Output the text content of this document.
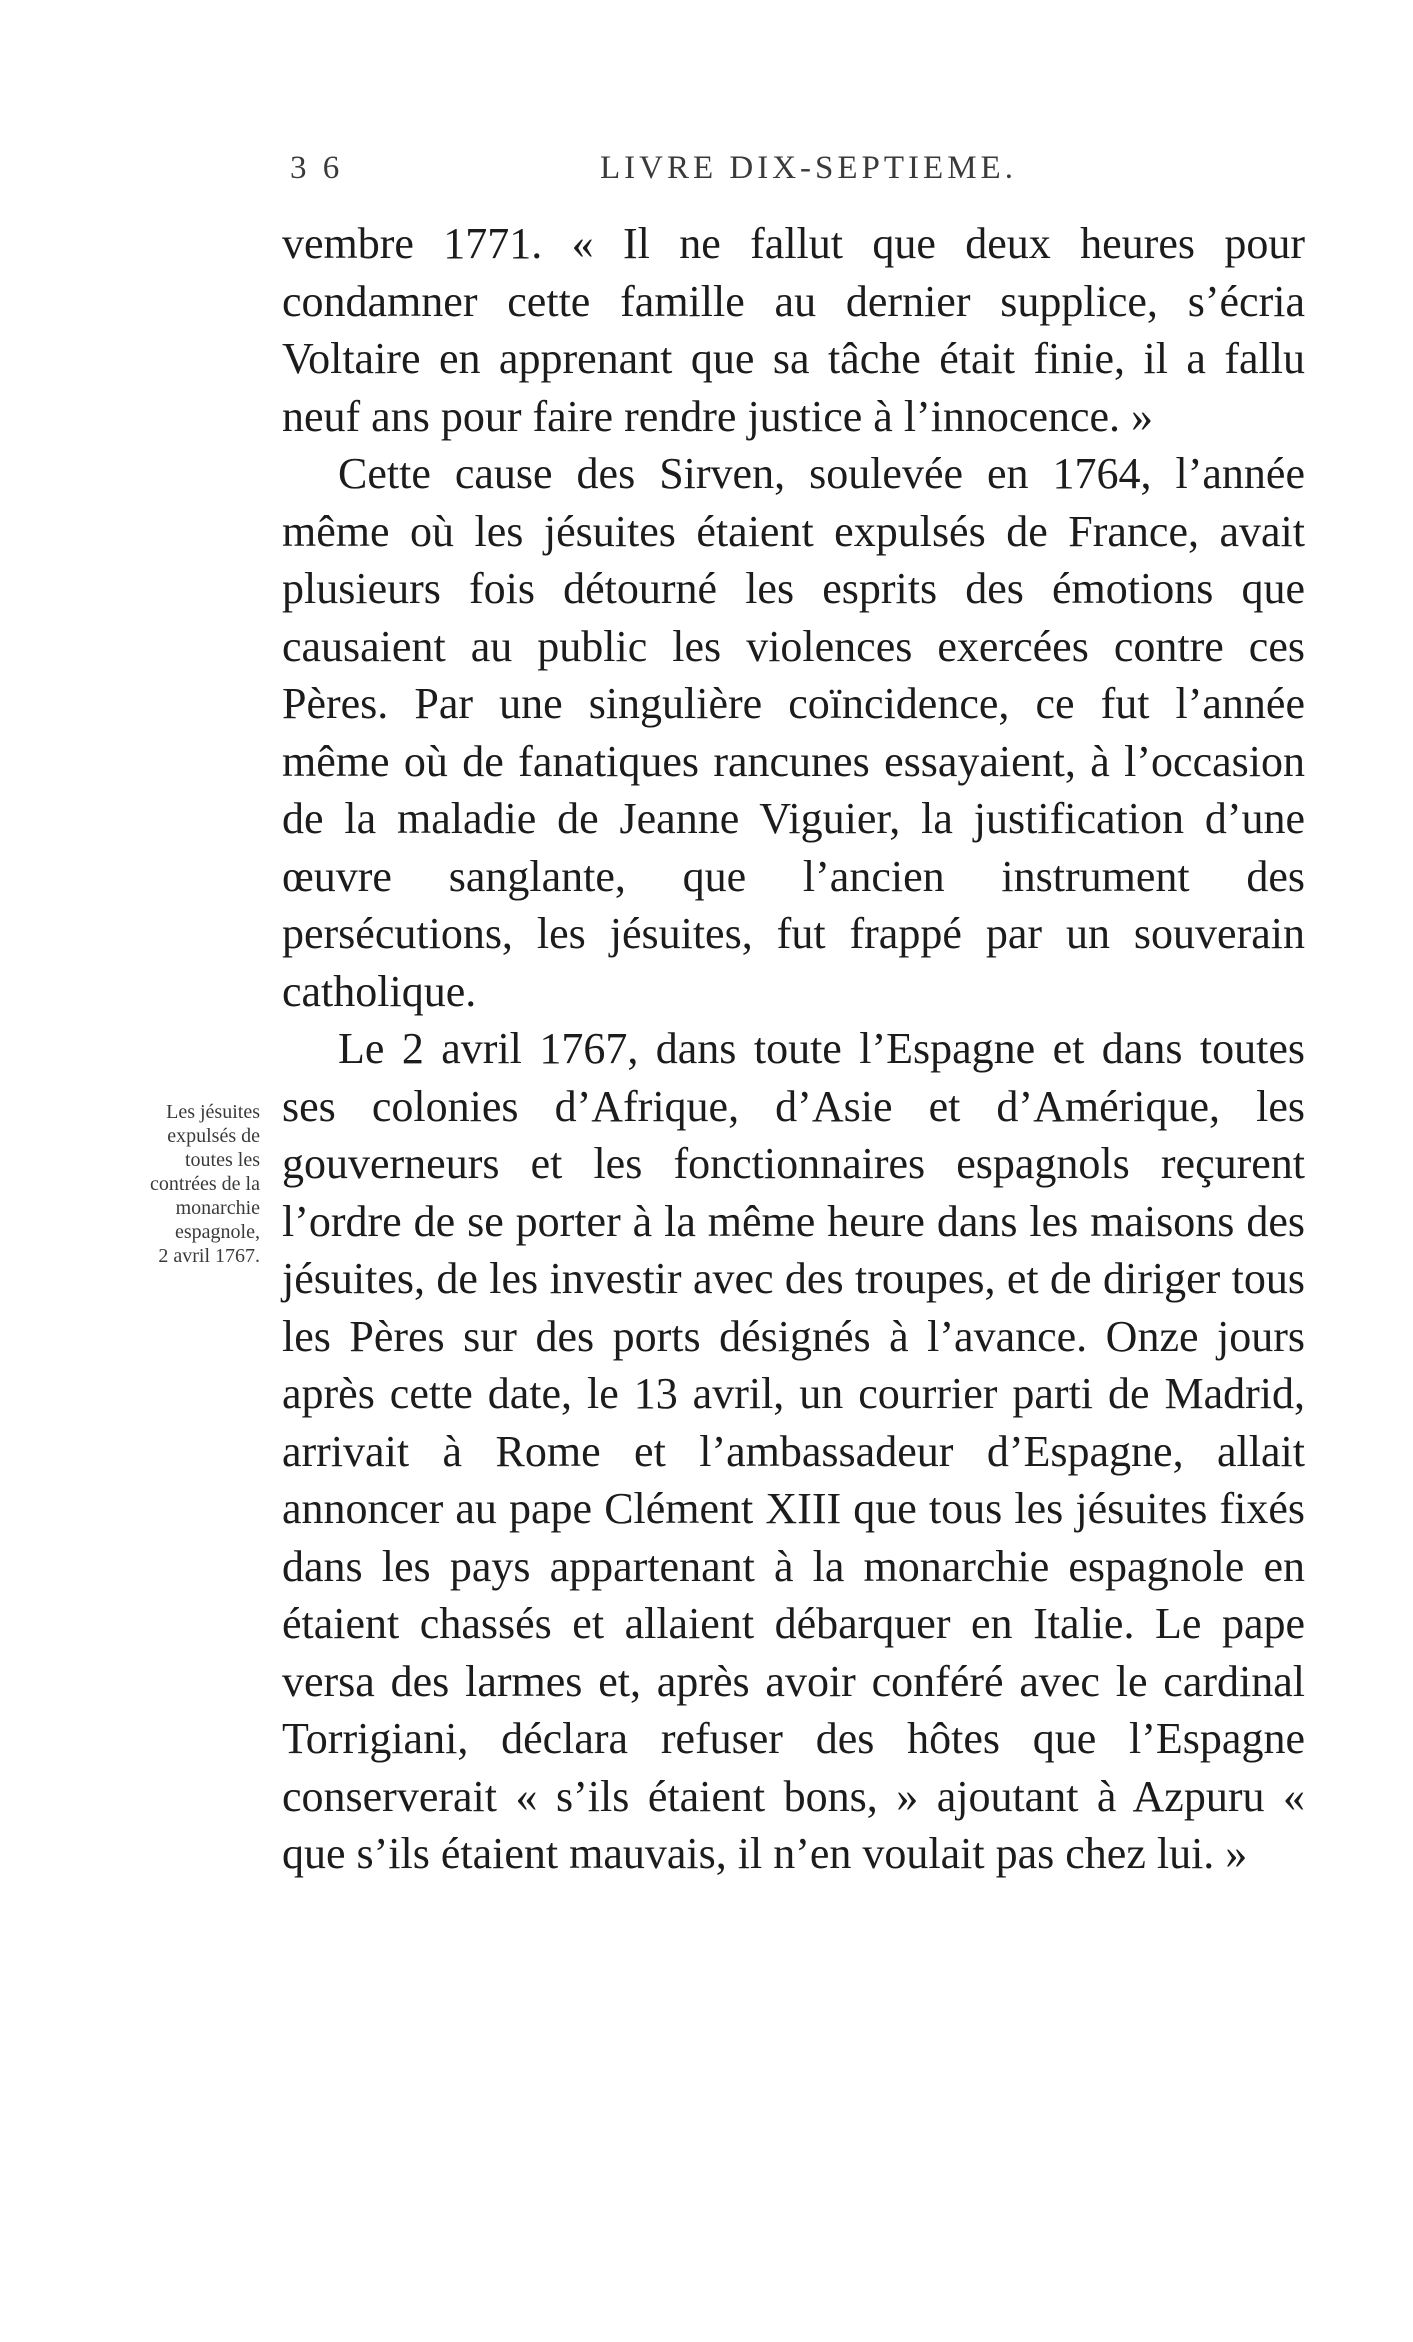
3 6	LIVRE DIX-SEPTIEME.

vembre 1771. « Il ne fallut que deux heures pour condamner cette famille au dernier supplice, s’écria Voltaire en apprenant que sa tâche était finie, il a fallu neuf ans pour faire rendre justice à l’innocence. »

Cette cause des Sirven, soulevée en 1764, l’année même où les jésuites étaient expulsés de France, avait plusieurs fois détourné les esprits des émotions que causaient au public les violences exercées contre ces Pères. Par une singulière coïncidence, ce fut l’année même où de fanatiques rancunes essayaient, à l’occasion de la maladie de Jeanne Viguier, la justification d’une œuvre sanglante, que l’ancien instrument des persécutions, les jésuites, fut frappé par un souverain catholique.

Le 2 avril 1767, dans toute l’Espagne et dans toutes ses colonies d’Afrique, d’Asie et d’Amérique, les gouverneurs et les fonctionnaires espagnols reçurent l’ordre de se porter à la même heure dans les maisons des jésuites, de les investir avec des troupes, et de diriger tous les Pères sur des ports désignés à l’avance. Onze jours après cette date, le 13 avril, un courrier parti de Madrid, arrivait à Rome et l’ambassadeur d’Espagne, allait annoncer au pape Clément XIII que tous les jésuites fixés dans les pays appartenant à la monarchie espagnole en étaient chassés et allaient débarquer en Italie. Le pape versa des larmes et, après avoir conféré avec le cardinal Torrigiani, déclara refuser des hôtes que l’Espagne conserverait « s’ils étaient bons, » ajoutant à Azpuru « que s’ils étaient mauvais, il n’en voulait pas chez lui. »

Les jésuites
expulsés de
toutes les
contrées de la
monarchie
espagnole,
2 avril 1767.
